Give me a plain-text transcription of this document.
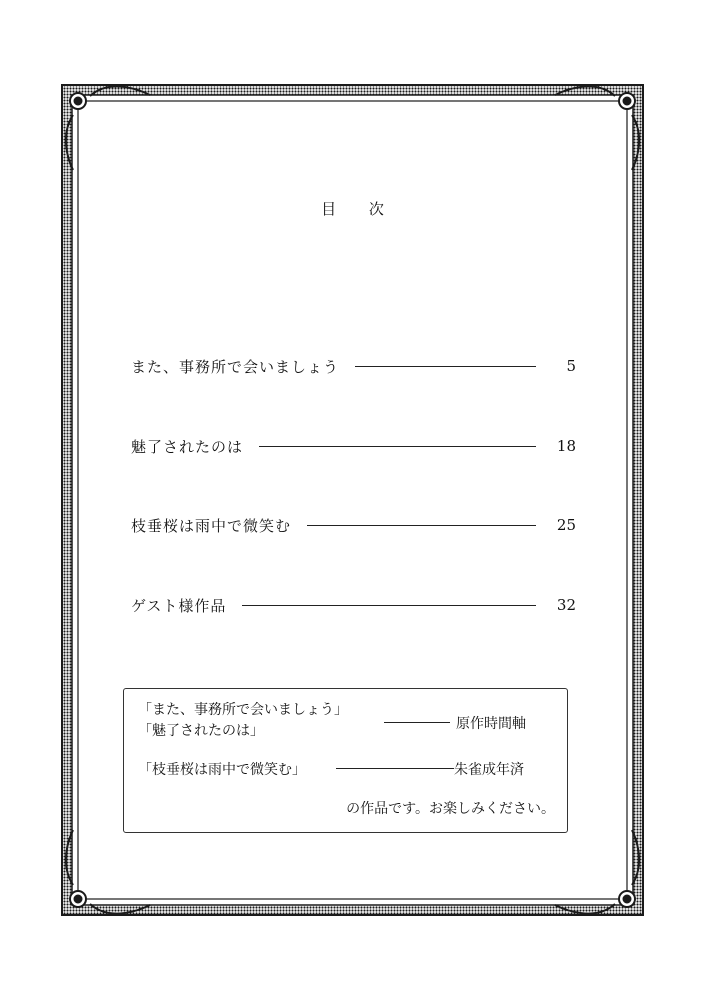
目 次
また、事務所で会いましょう	5
魅了されたのは	18
枝垂桜は雨中で微笑む	25
ゲスト様作品	32
「また、事務所で会いましょう」
「魅了されたのは」	原作時間軸
「枝垂桜は雨中で微笑む」	朱雀成年済
の作品です。お楽しみください。
